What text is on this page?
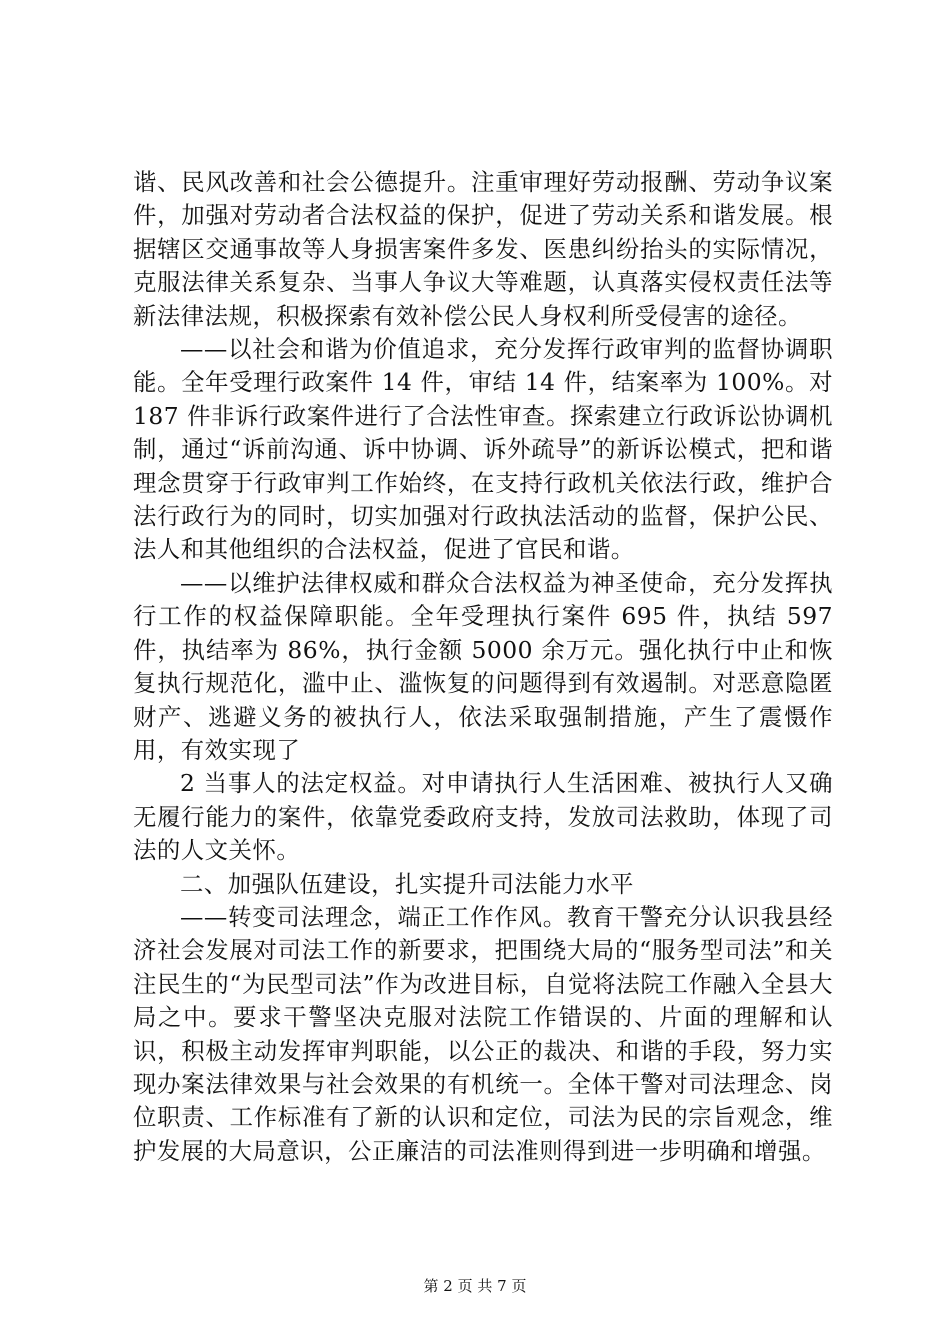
谐、民风改善和社会公德提升。注重审理好劳动报酬、劳动争议案件，加强对劳动者合法权益的保护，促进了劳动关系和谐发展。根据辖区交通事故等人身损害案件多发、医患纠纷抬头的实际情况，克服法律关系复杂、当事人争议大等难题，认真落实侵权责任法等新法律法规，积极探索有效补偿公民人身权利所受侵害的途径。

——以社会和谐为价值追求，充分发挥行政审判的监督协调职能。全年受理行政案件 14 件，审结 14 件，结案率为 100%。对 187 件非诉行政案件进行了合法性审查。探索建立行政诉讼协调机制，通过“诉前沟通、诉中协调、诉外疏导”的新诉讼模式，把和谐理念贯穿于行政审判工作始终，在支持行政机关依法行政，维护合法行政行为的同时，切实加强对行政执法活动的监督，保护公民、法人和其他组织的合法权益，促进了官民和谐。

——以维护法律权威和群众合法权益为神圣使命，充分发挥执行工作的权益保障职能。全年受理执行案件 695 件，执结 597 件，执结率为 86%，执行金额 5000 余万元。强化执行中止和恢复执行规范化，滥中止、滥恢复的问题得到有效遏制。对恶意隐匿财产、逃避义务的被执行人，依法采取强制措施，产生了震慑作用，有效实现了

2 当事人的法定权益。对申请执行人生活困难、被执行人又确无履行能力的案件，依靠党委政府支持，发放司法救助，体现了司法的人文关怀。

二、加强队伍建设，扎实提升司法能力水平

——转变司法理念，端正工作作风。教育干警充分认识我县经济社会发展对司法工作的新要求，把围绕大局的“服务型司法”和关注民生的“为民型司法”作为改进目标，自觉将法院工作融入全县大局之中。要求干警坚决克服对法院工作错误的、片面的理解和认识，积极主动发挥审判职能，以公正的裁决、和谐的手段，努力实现办案法律效果与社会效果的有机统一。全体干警对司法理念、岗位职责、工作标准有了新的认识和定位，司法为民的宗旨观念，维护发展的大局意识，公正廉洁的司法准则得到进一步明确和增强。

第 2 页 共 7 页
